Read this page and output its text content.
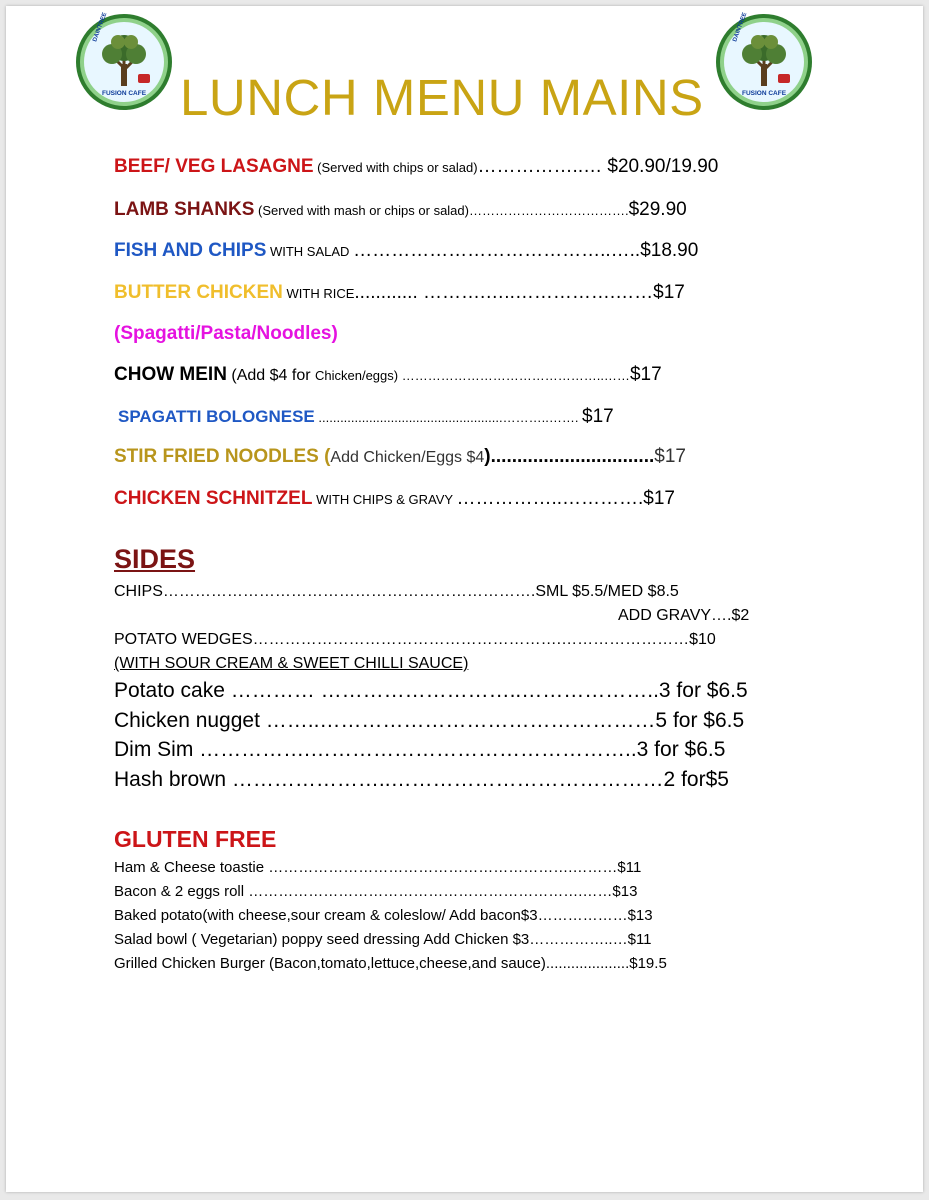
FUSION CAFE
DAINTREE
FUSION CAFE
DAINTREE
LUNCH MENU MAINS
BEEF/ VEG LASAGNE (Served with chips or salad)……………..… $20.90/19.90
LAMB SHANKS (Served with mash or chips or salad)……………………………….$29.90
FISH AND CHIPS WITH SALAD …………………………………..…..$18.90
BUTTER CHICKEN WITH RICE............ ……….…..…………….……$17
(Spagatti/Pasta/Noodles)
CHOW MEIN (Add $4 for Chicken/eggs) ………………………………………..……$17
SPAGATTI BOLOGNESE ...................................................………..……. $17
STIR FRIED NOODLES (Add Chicken/Eggs $4)...............................$17
CHICKEN SCHNITZEL WITH CHIPS & GRAVY ……………..………….$17
SIDES
CHIPS…………………………………………………………….SML $5.5/MED $8.5
ADD GRAVY….$2
POTATO WEDGES………………………………………………….……………………$10
(WITH SOUR CREAM & SWEET CHILLI SAUCE)
Potato cake ………… ………………………..………………..3 for $6.5
Chicken nugget ……..…………………………………………5 for $6.5
Dim Sim …………….………………………………………..3 for $6.5
Hash brown …………………..…………………………………2 for$5
GLUTEN FREE
Ham & Cheese toastie …………………………………………………….………$11
Bacon & 2 eggs roll ………………………………………………………….……$13
Baked potato(with cheese,sour cream & coleslow/ Add bacon$3………………$13
Salad bowl ( Vegetarian) poppy seed dressing Add Chicken $3……………..…$11
Grilled Chicken Burger (Bacon,tomato,lettuce,cheese,and sauce)....................$19.5
